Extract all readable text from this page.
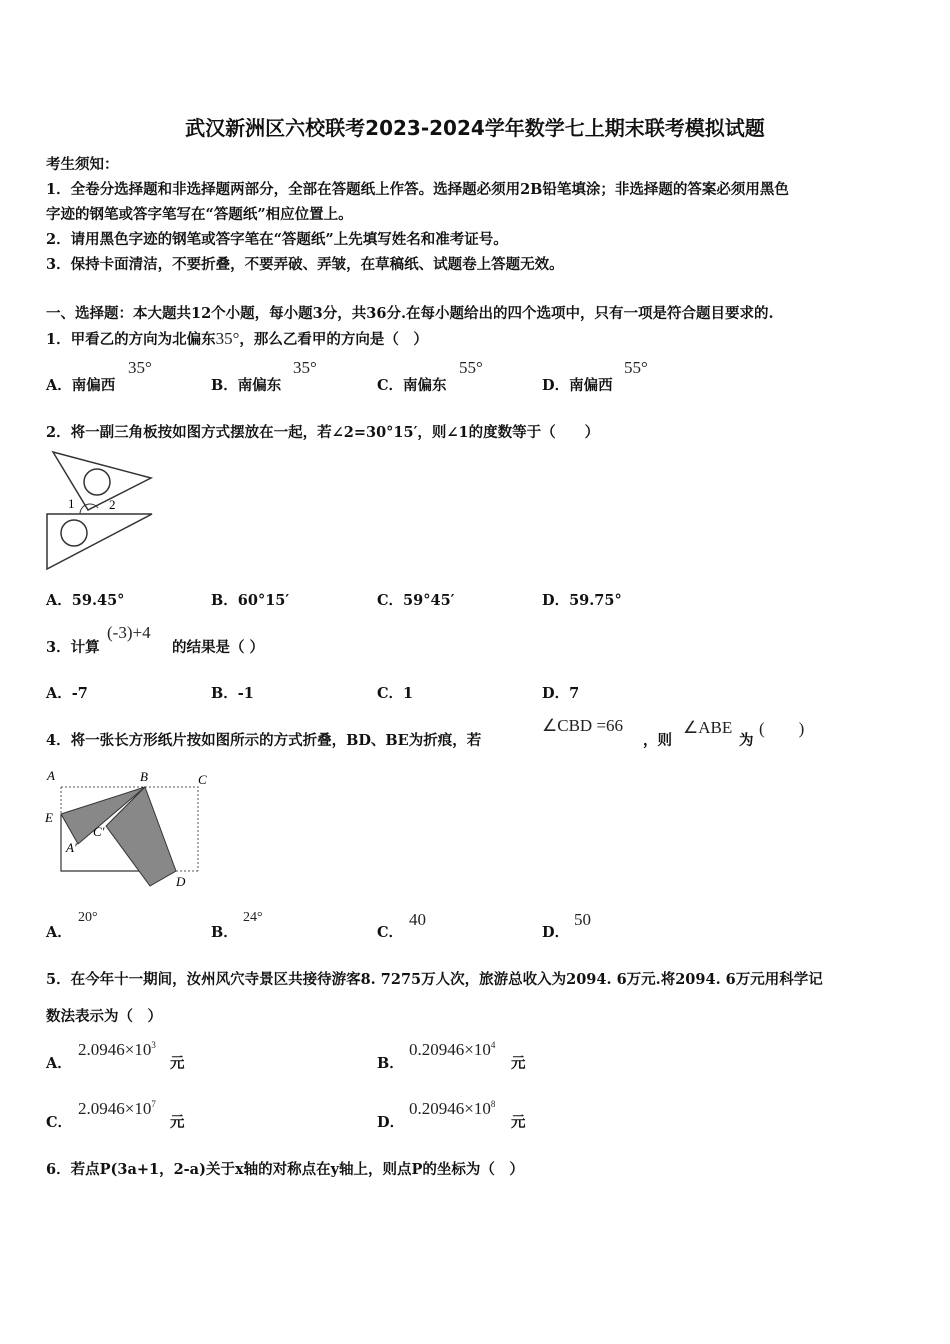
武汉新洲区六校联考2023-2024学年数学七上期末联考模拟试题
考生须知：
1．全卷分选择题和非选择题两部分，全部在答题纸上作答。选择题必须用2B铅笔填涂；非选择题的答案必须用黑色
字迹的钢笔或答字笔写在“答题纸”相应位置上。
2．请用黑色字迹的钢笔或答字笔在“答题纸”上先填写姓名和准考证号。
3．保持卡面清洁，不要折叠，不要弄破、弄皱，在草稿纸、试题卷上答题无效。
一、选择题：本大题共12个小题，每小题3分，共36分.在每小题给出的四个选项中，只有一项是符合题目要求的.
1．甲看乙的方向为北偏东35°，那么乙看甲的方向是（　）
A．南偏西
35°
B．南偏东
35°
C．南偏东
55°
D．南偏西
55°
2．将一副三角板按如图方式摆放在一起，若∠2=30°15′，则∠1的度数等于（　　）
1	2
A．59.45°	B．60°15′	C．59°45′	D．59.75°
3．计算
(-3)+4
的结果是（ ）
A．-7	B．-1	C．1	D．7
4．将一张长方形纸片按如图所示的方式折叠，BD、BE为折痕，若
∠CBD =66
，则
∠ABE
为
(　　)
A	B	C
E
C′
A′
D
A．
20°
B．
24°
C．
40
D．
50
5．在今年十一期间，汝州风穴寺景区共接待游客8. 7275万人次，旅游总收入为2094. 6万元.将2094. 6万元用科学记
数法表示为（　）
A．
$2.0946\times 10^3$
元	B．
$0.20946\times 10^4$
元
C．
$2.0946\times 10^7$
元	D．
$0.20946\times 10^8$
元
6．若点P(3a+1，2-a)关于x轴的对称点在y轴上，则点P的坐标为（　）
